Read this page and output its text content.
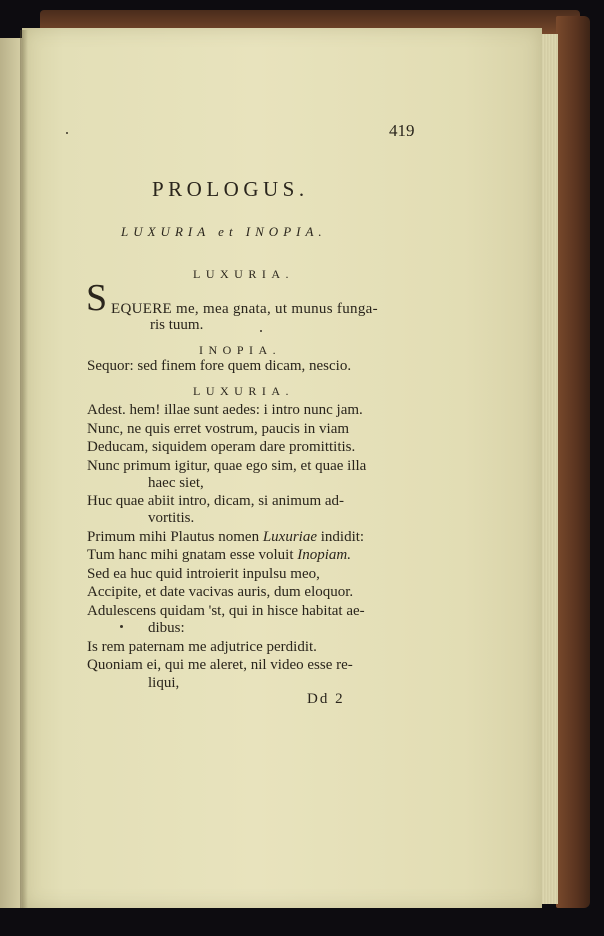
419
PROLOGUS.
LUXURIA et INOPIA.
LUXURIA.
S EQUERE me, mea gnata, ut munus funga-
ris tuum.
INOPIA.
Sequor: sed finem fore quem dicam, nescio.
LUXURIA.
Adest. hem! illae sunt aedes: i intro nunc jam.
Nunc, ne quis erret vostrum, paucis in viam
Deducam, siquidem operam dare promittitis.
Nunc primum igitur, quae ego sim, et quae illa
haec siet,
Huc quae abiit intro, dicam, si animum ad-
vortitis.
Primum mihi Plautus nomen Luxuriae indidit:
Tum hanc mihi gnatam esse voluit Inopiam.
Sed ea huc quid introierit inpulsu meo,
Accipite, et date vacivas auris, dum eloquor.
Adulescens quidam 'st, qui in hisce habitat ae-
dibus:
Is rem paternam me adjutrice perdidit.
Quoniam ei, qui me aleret, nil video esse re-
liqui,
Dd 2
